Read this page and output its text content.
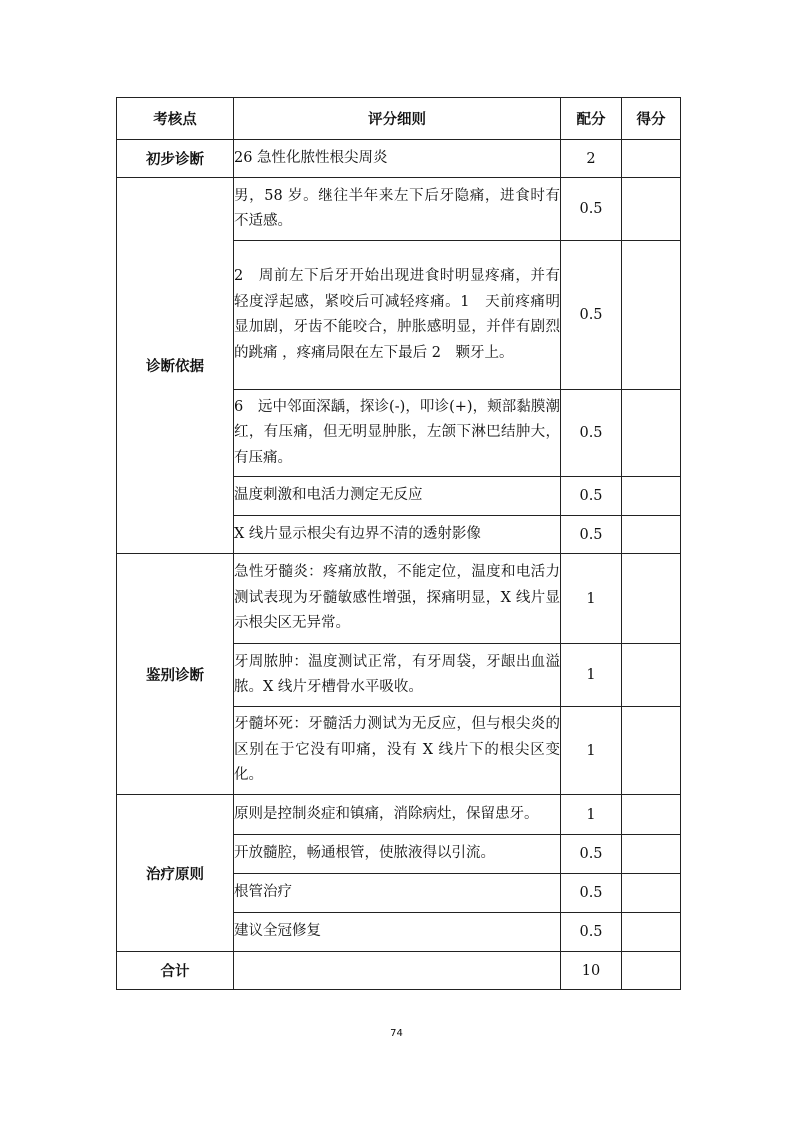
考核点	评分细则	配分	得分
初步诊断	26 急性化脓性根尖周炎	2	
诊断依据	男，58 岁。继往半年来左下后牙隐痛，进食时有不适感。	0.5	
	2　周前左下后牙开始出现进食时明显疼痛，并有轻度浮起感，紧咬后可减轻疼痛。1　天前疼痛明显加剧，牙齿不能咬合，肿胀感明显，并伴有剧烈的跳痛 ，疼痛局限在左下最后 2　颗牙上。	0.5	
	6　远中邻面深龋，探诊(-)，叩诊(+)，颊部黏膜潮红，有压痛，但无明显肿胀，左颌下淋巴结肿大，有压痛。	0.5	
	温度刺激和电活力测定无反应	0.5	
	X 线片显示根尖有边界不清的透射影像	0.5	
鉴别诊断	急性牙髓炎：疼痛放散，不能定位，温度和电活力测试表现为牙髓敏感性增强，探痛明显，X 线片显示根尖区无异常。	1	
	牙周脓肿：温度测试正常，有牙周袋，牙龈出血溢脓。X 线片牙槽骨水平吸收。	1	
	牙髓坏死：牙髓活力测试为无反应，但与根尖炎的区别在于它没有叩痛，没有 X 线片下的根尖区变化。	1	
治疗原则	原则是控制炎症和镇痛，消除病灶，保留患牙。	1	
	开放髓腔，畅通根管，使脓液得以引流。	0.5	
	根管治疗	0.5	
	建议全冠修复	0.5	
合计		10	
74
